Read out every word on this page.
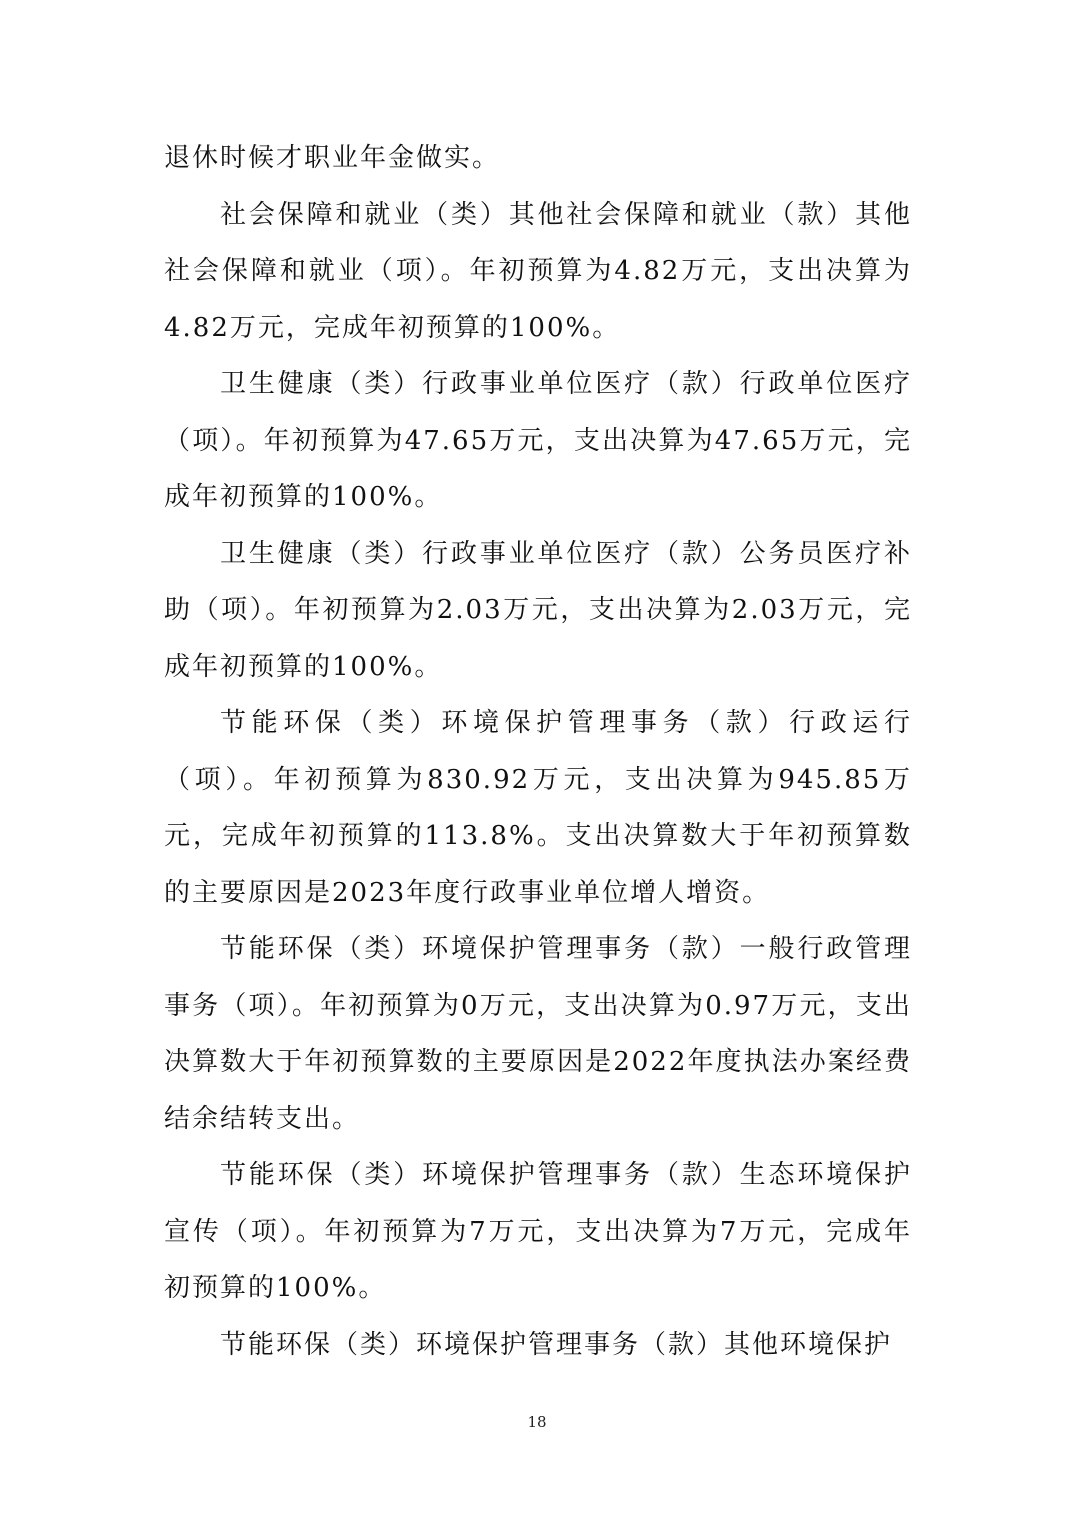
退休时候才职业年金做实。

社会保障和就业（类）其他社会保障和就业（款）其他社会保障和就业（项）。年初预算为4.82万元，支出决算为4.82万元，完成年初预算的100%。

卫生健康（类）行政事业单位医疗（款）行政单位医疗（项）。年初预算为47.65万元，支出决算为47.65万元，完成年初预算的100%。

卫生健康（类）行政事业单位医疗（款）公务员医疗补助（项）。年初预算为2.03万元，支出决算为2.03万元，完成年初预算的100%。

节能环保（类）环境保护管理事务（款）行政运行（项）。年初预算为830.92万元，支出决算为945.85万元，完成年初预算的113.8%。支出决算数大于年初预算数的主要原因是2023年度行政事业单位增人增资。

节能环保（类）环境保护管理事务（款）一般行政管理事务（项）。年初预算为0万元，支出决算为0.97万元，支出决算数大于年初预算数的主要原因是2022年度执法办案经费结余结转支出。

节能环保（类）环境保护管理事务（款）生态环境保护宣传（项）。年初预算为7万元，支出决算为7万元，完成年初预算的100%。

节能环保（类）环境保护管理事务（款）其他环境保护

18
